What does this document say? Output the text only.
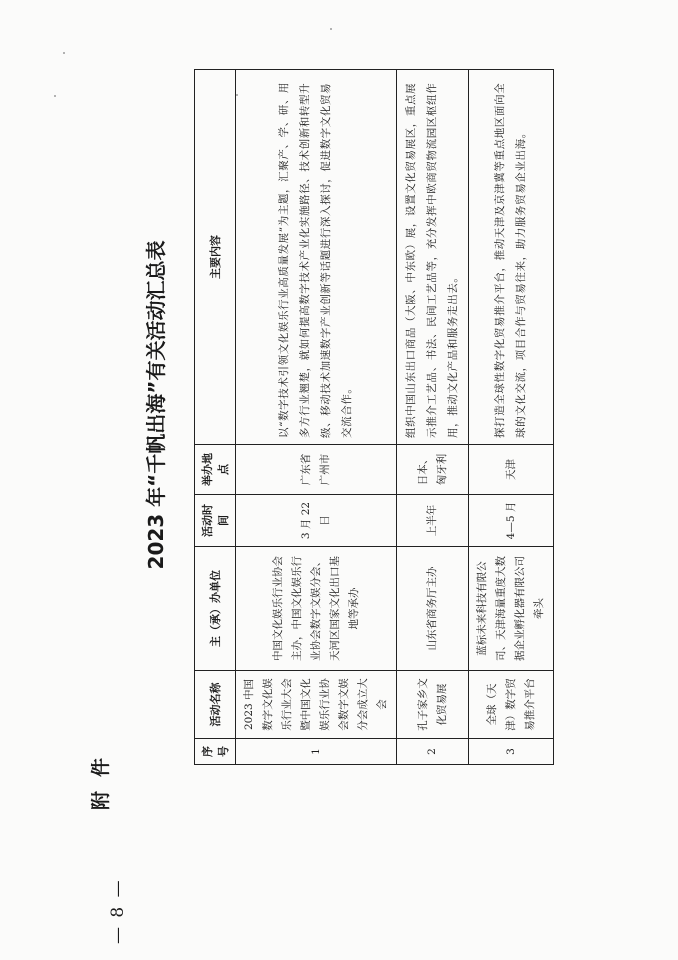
— 8 —
附件
2023 年“千帆出海”有关活动汇总表
序号	活动名称	主（承）办单位	活动时间	举办地点	主要内容
1	2023 中国数字文化娱乐行业大会暨中国文化娱乐行业协会数字文娱分会成立大会	中国文化娱乐行业协会主办，中国文化娱乐行业协会数字文娱分会、天河区国家文化出口基地等承办	3 月 22 日	广东省广州市	以“数字技术引领文化娱乐行业高质量发展”为主题，汇聚产、学、研、用多方行业翘楚，就如何提高数字技术产业化实施路径、技术创新和转型升级、移动技术加速数字产业创新等话题进行深入探讨，促进数字文化贸易交流合作。
2	孔子家乡文化贸易展	山东省商务厅主办	上半年	日本、匈牙利	组织中国山东出口商品（大阪、中东欧）展，设置文化贸易展区，重点展示推介工艺品、书法、民间工艺品等，充分发挥中欧商贸物流园区枢纽作用，推动文化产品和服务走出去。
3	全球（天津）数字贸易推介平台	蓝标未来科技有限公司、天津海量重度大数据企业孵化器有限公司牵头	4—5 月	天津	探打造全球性数字化贸易推介平台，推动天津及京津冀等重点地区面向全球的文化交流，项目合作与贸易往来，助力服务贸易企业出海。
